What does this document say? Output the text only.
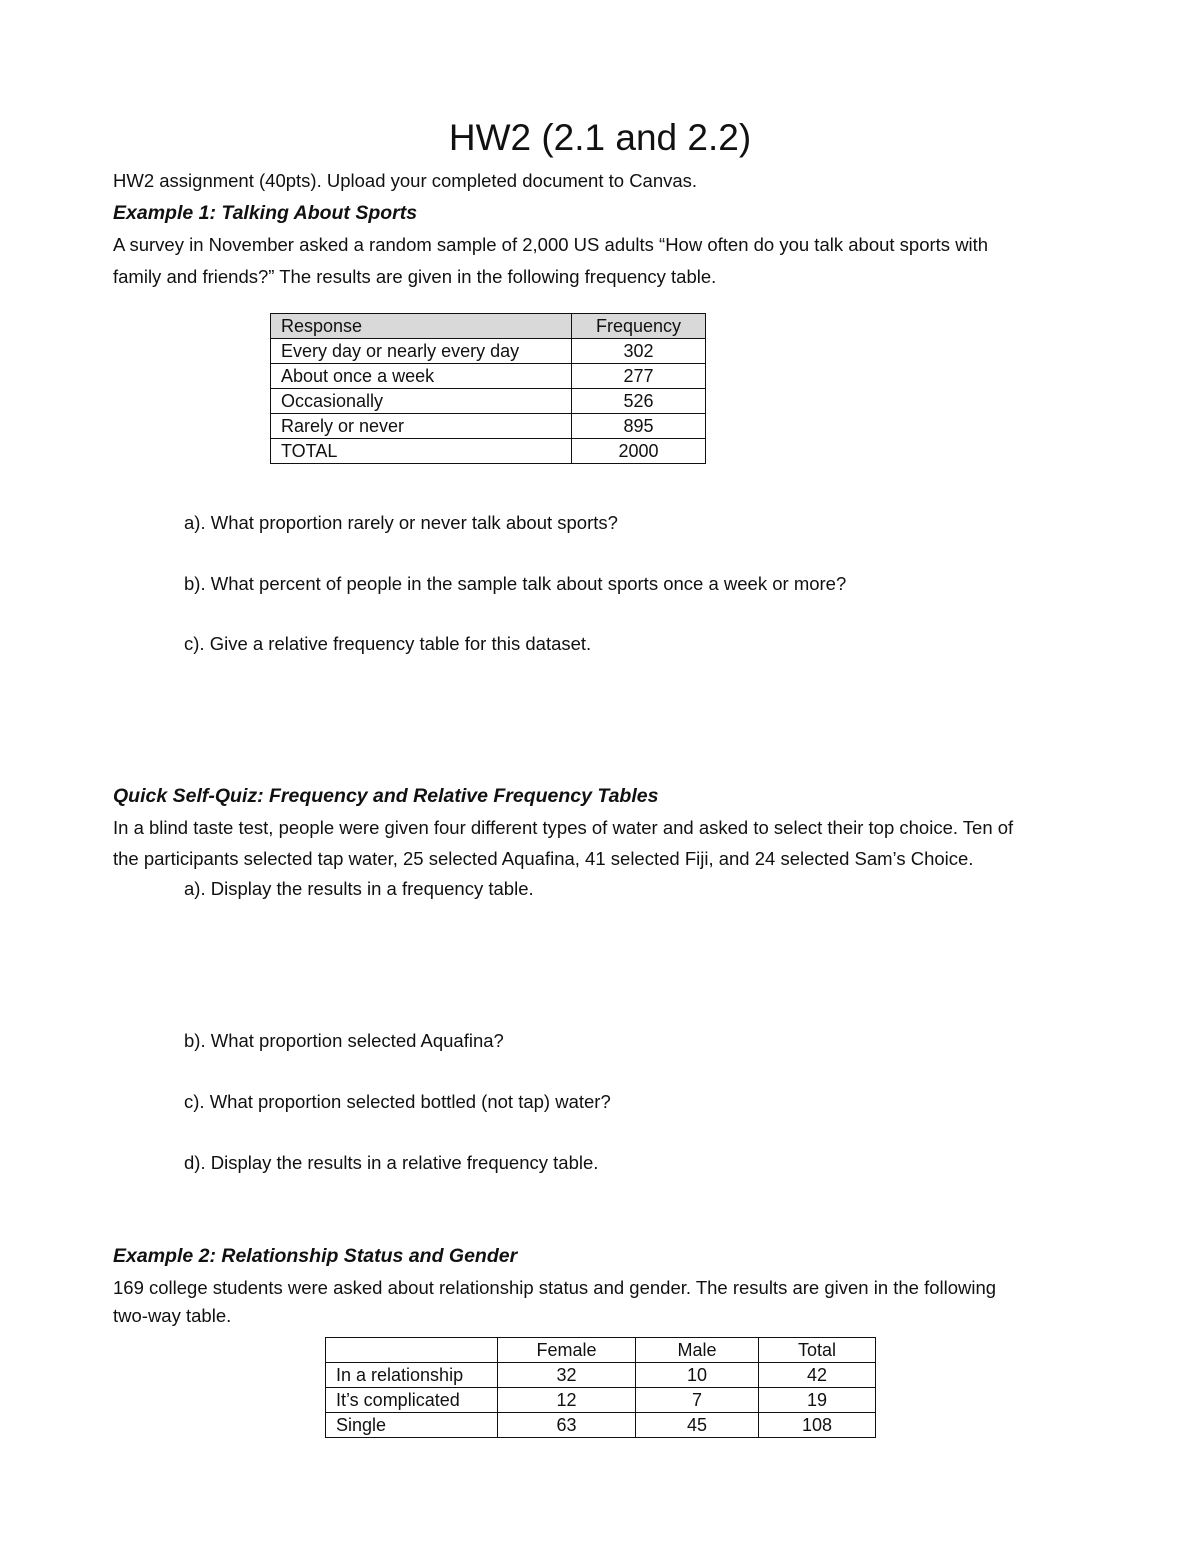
HW2 (2.1 and 2.2)
HW2 assignment (40pts). Upload your completed document to Canvas.
Example 1: Talking About Sports
A survey in November asked a random sample of 2,000 US adults “How often do you talk about sports with
family and friends?” The results are given in the following frequency table.
Response	Frequency
Every day or nearly every day	302
About once a week	277
Occasionally	526
Rarely or never	895
TOTAL	2000
a). What proportion rarely or never talk about sports?
b). What percent of people in the sample talk about sports once a week or more?
c). Give a relative frequency table for this dataset.
Quick Self-Quiz: Frequency and Relative Frequency Tables
In a blind taste test, people were given four different types of water and asked to select their top choice. Ten of
the participants selected tap water, 25 selected Aquafina, 41 selected Fiji, and 24 selected Sam’s Choice.
a). Display the results in a frequency table.
b). What proportion selected Aquafina?
c). What proportion selected bottled (not tap) water?
d). Display the results in a relative frequency table.
Example 2: Relationship Status and Gender
169 college students were asked about relationship status and gender. The results are given in the following
two-way table.
	Female	Male	Total
In a relationship	32	10	42
It’s complicated	12	7	19
Single	63	45	108
